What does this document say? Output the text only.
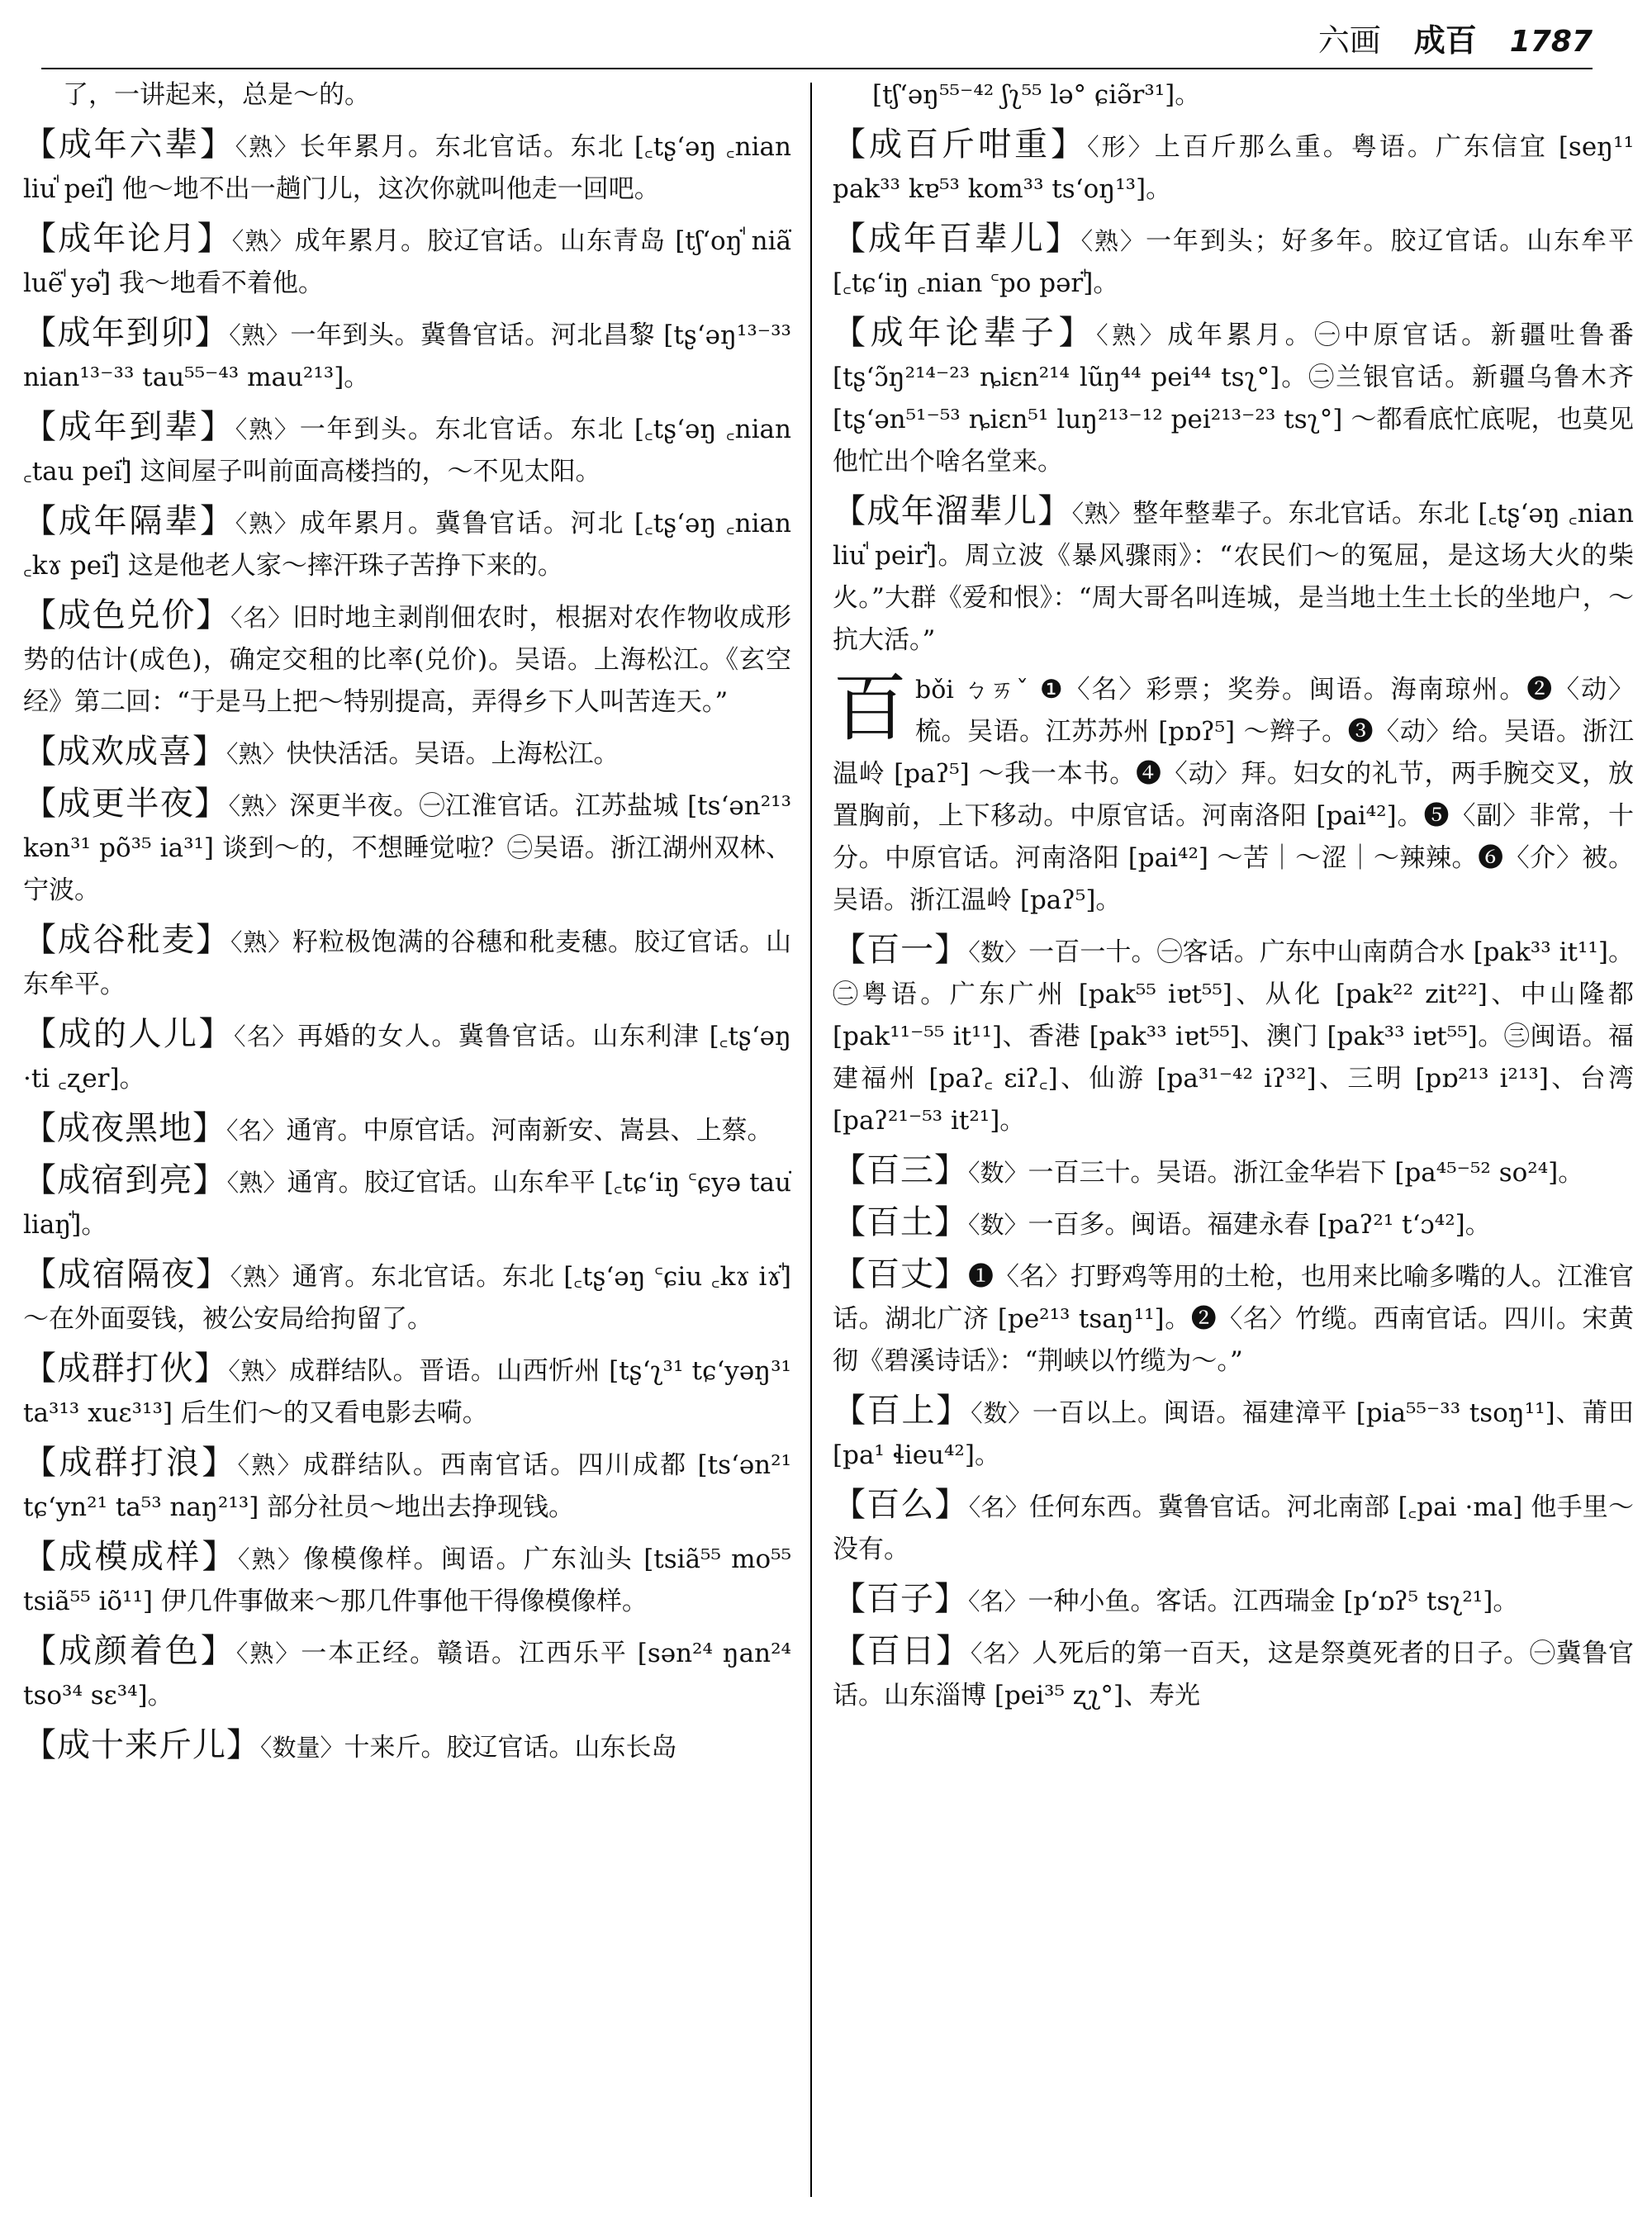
六画 成百 1787
了，一讲起来，总是～的。
【成年六辈】〈熟〉长年累月。东北官话。东北 [꜀tʂʻəŋ ꜀nian liuꜗ peiꜗ] 他～地不出一趟门儿，这次你就叫他走一回吧。
【成年论月】〈熟〉成年累月。胶辽官话。山东青岛 [tʃʻoŋꜗ niãꜗ luẽꜗ yəꜗ] 我～地看不着他。
【成年到卯】〈熟〉一年到头。冀鲁官话。河北昌黎 [tʂʻəŋ¹³⁻³³ nian¹³⁻³³ tau⁵⁵⁻⁴³ mau²¹³]。
【成年到辈】〈熟〉一年到头。东北官话。东北 [꜀tʂʻəŋ ꜀nian ꜀tau peiꜗ] 这间屋子叫前面高楼挡的，～不见太阳。
【成年隔辈】〈熟〉成年累月。冀鲁官话。河北 [꜀tʂʻəŋ ꜀nian ꜀kɤ peiꜗ] 这是他老人家～摔汗珠子苦挣下来的。
【成色兑价】〈名〉旧时地主剥削佃农时，根据对农作物收成形势的估计(成色)，确定交租的比率(兑价)。吴语。上海松江。《玄空经》第二回：“于是马上把～特别提高，弄得乡下人叫苦连天。”
【成欢成喜】〈熟〉快快活活。吴语。上海松江。
【成更半夜】〈熟〉深更半夜。㊀江淮官话。江苏盐城 [tsʻən²¹³ kən³¹ põ³⁵ ia³¹] 谈到～的，不想睡觉啦？㊁吴语。浙江湖州双林、宁波。
【成谷秕麦】〈熟〉籽粒极饱满的谷穗和秕麦穗。胶辽官话。山东牟平。
【成的人儿】〈名〉再婚的女人。冀鲁官话。山东利津 [꜀tʂʻəŋ ·ti ꜀ʐer]。
【成夜黑地】〈名〉通宵。中原官话。河南新安、嵩县、上蔡。
【成宿到亮】〈熟〉通宵。胶辽官话。山东牟平 [꜀tɕʻiŋ ꜂ɕyə tauꜗ liaŋꜗ]。
【成宿隔夜】〈熟〉通宵。东北官话。东北 [꜀tʂʻəŋ ꜂ɕiu ꜀kɤ iɤꜗ] ～在外面耍钱，被公安局给拘留了。
【成群打伙】〈熟〉成群结队。晋语。山西忻州 [tʂʻʅ³¹ tɕʻyəŋ³¹ ta³¹³ xuɛ³¹³] 后生们～的又看电影去嗬。
【成群打浪】〈熟〉成群结队。西南官话。四川成都 [tsʻən²¹ tɕʻyn²¹ ta⁵³ naŋ²¹³] 部分社员～地出去挣现钱。
【成模成样】〈熟〉像模像样。闽语。广东汕头 [tsiã⁵⁵ mo⁵⁵ tsiã⁵⁵ iõ¹¹] 伊几件事做来～那几件事他干得像模像样。
【成颜着色】〈熟〉一本正经。赣语。江西乐平 [sən²⁴ ŋan²⁴ tso³⁴ sɛ³⁴]。
【成十来斤儿】〈数量〉十来斤。胶辽官话。山东长岛
[tʃʻəŋ⁵⁵⁻⁴² ʃʅ⁵⁵ lə° ɕiə̃r³¹]。
【成百斤咁重】〈形〉上百斤那么重。粤语。广东信宜 [seŋ¹¹ pak³³ kɐ⁵³ kom³³ tsʻoŋ¹³]。
【成年百辈儿】〈熟〉一年到头；好多年。胶辽官话。山东牟平 [꜀tɕʻiŋ ꜀nian ꜂po pərꜗ]。
【成年论辈子】〈熟〉成年累月。㊀中原官话。新疆吐鲁番 [tʂʻɔ̃ŋ²¹⁴⁻²³ ȵiɛn²¹⁴ lũŋ⁴⁴ pei⁴⁴ tsʅ°]。㊁兰银官话。新疆乌鲁木齐 [tʂʻən⁵¹⁻⁵³ ȵiɛn⁵¹ luŋ²¹³⁻¹² pei²¹³⁻²³ tsʅ°] ～都看底忙底呢，也莫见他忙出个啥名堂来。
【成年溜辈儿】〈熟〉整年整辈子。东北官话。东北 [꜀tʂʻəŋ ꜀nian liuꜗ peirꜗ]。周立波《暴风骤雨》：“农民们～的冤屈，是这场大火的柴火。”大群《爱和恨》：“周大哥名叫连城，是当地土生土长的坐地户，～抗大活。”
百bǒi ㄅㄞˇ ❶〈名〉彩票；奖券。闽语。海南琼州。❷〈动〉梳。吴语。江苏苏州 [pɒʔ⁵] ～辫子。❸〈动〉给。吴语。浙江温岭 [paʔ⁵] ～我一本书。❹〈动〉拜。妇女的礼节，两手腕交叉，放置胸前，上下移动。中原官话。河南洛阳 [pai⁴²]。❺〈副〉非常，十分。中原官话。河南洛阳 [pai⁴²] ～苦｜～涩｜～辣辣。❻〈介〉被。吴语。浙江温岭 [paʔ⁵]。
【百一】〈数〉一百一十。㊀客话。广东中山南荫合水 [pak³³ it¹¹]。㊁粤语。广东广州 [pak⁵⁵ iɐt⁵⁵]、从化 [pak²² zit²²]、中山隆都 [pak¹¹⁻⁵⁵ it¹¹]、香港 [pak³³ iɐt⁵⁵]、澳门 [pak³³ iɐt⁵⁵]。㊂闽语。福建福州 [paʔ꜀ ɛiʔ꜀]、仙游 [pa³¹⁻⁴² iʔ³²]、三明 [pɒ²¹³ i²¹³]、台湾 [paʔ²¹⁻⁵³ it²¹]。
【百三】〈数〉一百三十。吴语。浙江金华岩下 [pa⁴⁵⁻⁵² so²⁴]。
【百土】〈数〉一百多。闽语。福建永春 [paʔ²¹ tʻɔ⁴²]。
【百丈】❶〈名〉打野鸡等用的土枪，也用来比喻多嘴的人。江淮官话。湖北广济 [pe²¹³ tsaŋ¹¹]。❷〈名〉竹缆。西南官话。四川。宋黄彻《碧溪诗话》：“荆峡以竹缆为～。”
【百上】〈数〉一百以上。闽语。福建漳平 [pia⁵⁵⁻³³ tsoŋ¹¹]、莆田 [pa¹ ɬieu⁴²]。
【百么】〈名〉任何东西。冀鲁官话。河北南部 [꜀pai ·ma] 他手里～没有。
【百子】〈名〉一种小鱼。客话。江西瑞金 [pʻɒʔ⁵ tsʅ²¹]。
【百日】〈名〉人死后的第一百天，这是祭奠死者的日子。㊀冀鲁官话。山东淄博 [pei³⁵ ʐʅ°]、寿光
